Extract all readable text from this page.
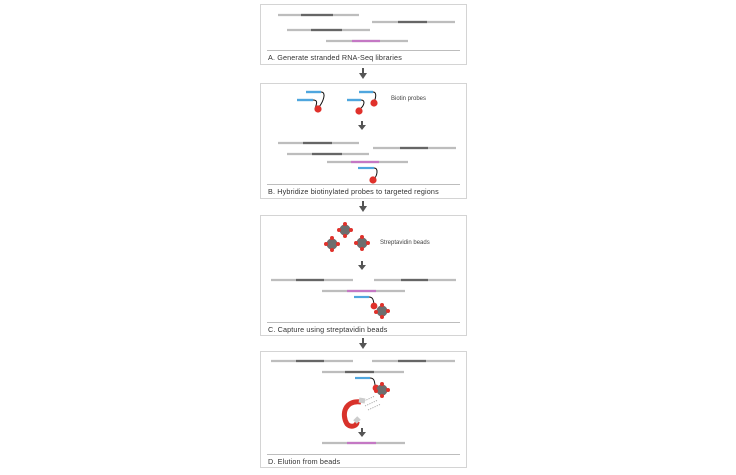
A. Generate stranded RNA-Seq libraries
Biotin probes
B. Hybridize biotinylated probes to targeted regions
Streptavidin beads
C. Capture using streptavidin beads
D. Elution from beads
